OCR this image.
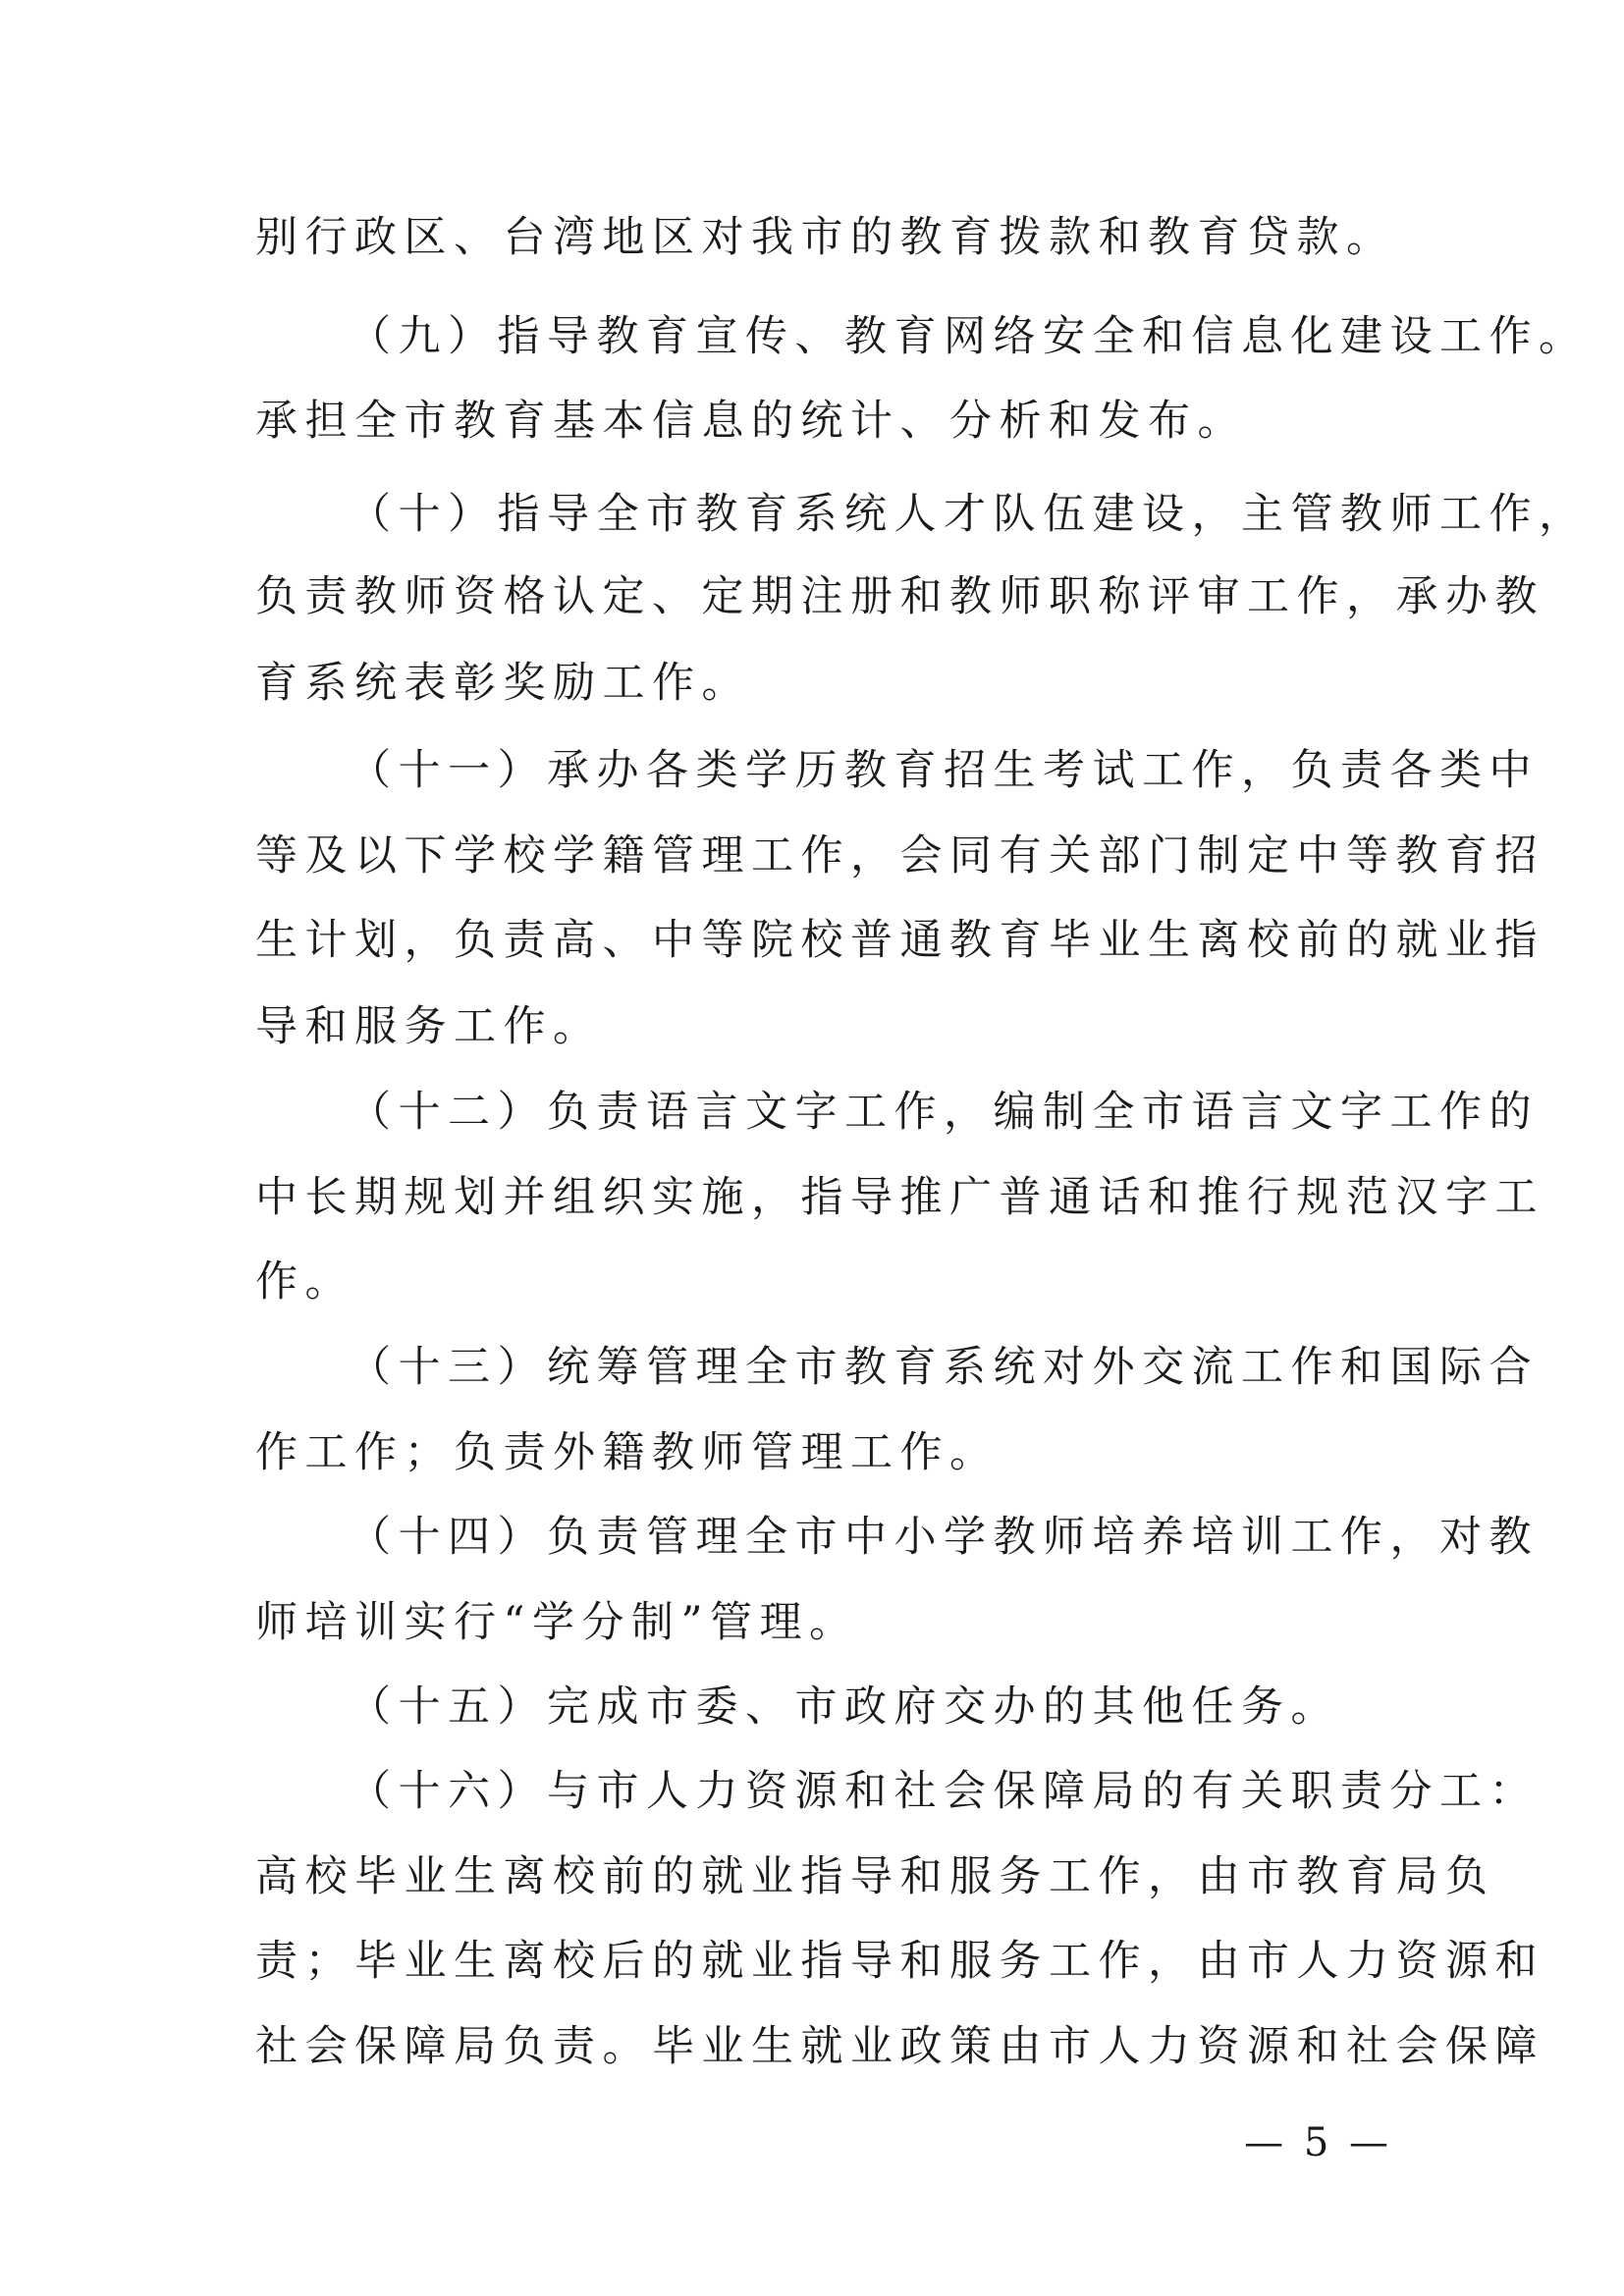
别行政区、台湾地区对我市的教育拨款和教育贷款。
（九）指导教育宣传、教育网络安全和信息化建设工作。
承担全市教育基本信息的统计、分析和发布。
（十）指导全市教育系统人才队伍建设，主管教师工作，
负责教师资格认定、定期注册和教师职称评审工作，承办教
育系统表彰奖励工作。
（十一）承办各类学历教育招生考试工作，负责各类中
等及以下学校学籍管理工作，会同有关部门制定中等教育招
生计划，负责高、中等院校普通教育毕业生离校前的就业指
导和服务工作。
（十二）负责语言文字工作，编制全市语言文字工作的
中长期规划并组织实施，指导推广普通话和推行规范汉字工
作。
（十三）统筹管理全市教育系统对外交流工作和国际合
作工作；负责外籍教师管理工作。
（十四）负责管理全市中小学教师培养培训工作，对教
师培训实行“学分制”管理。
（十五）完成市委、市政府交办的其他任务。
（十六）与市人力资源和社会保障局的有关职责分工：
高校毕业生离校前的就业指导和服务工作，由市教育局负
责；毕业生离校后的就业指导和服务工作，由市人力资源和
社会保障局负责。毕业生就业政策由市人力资源和社会保障
— 5 —
